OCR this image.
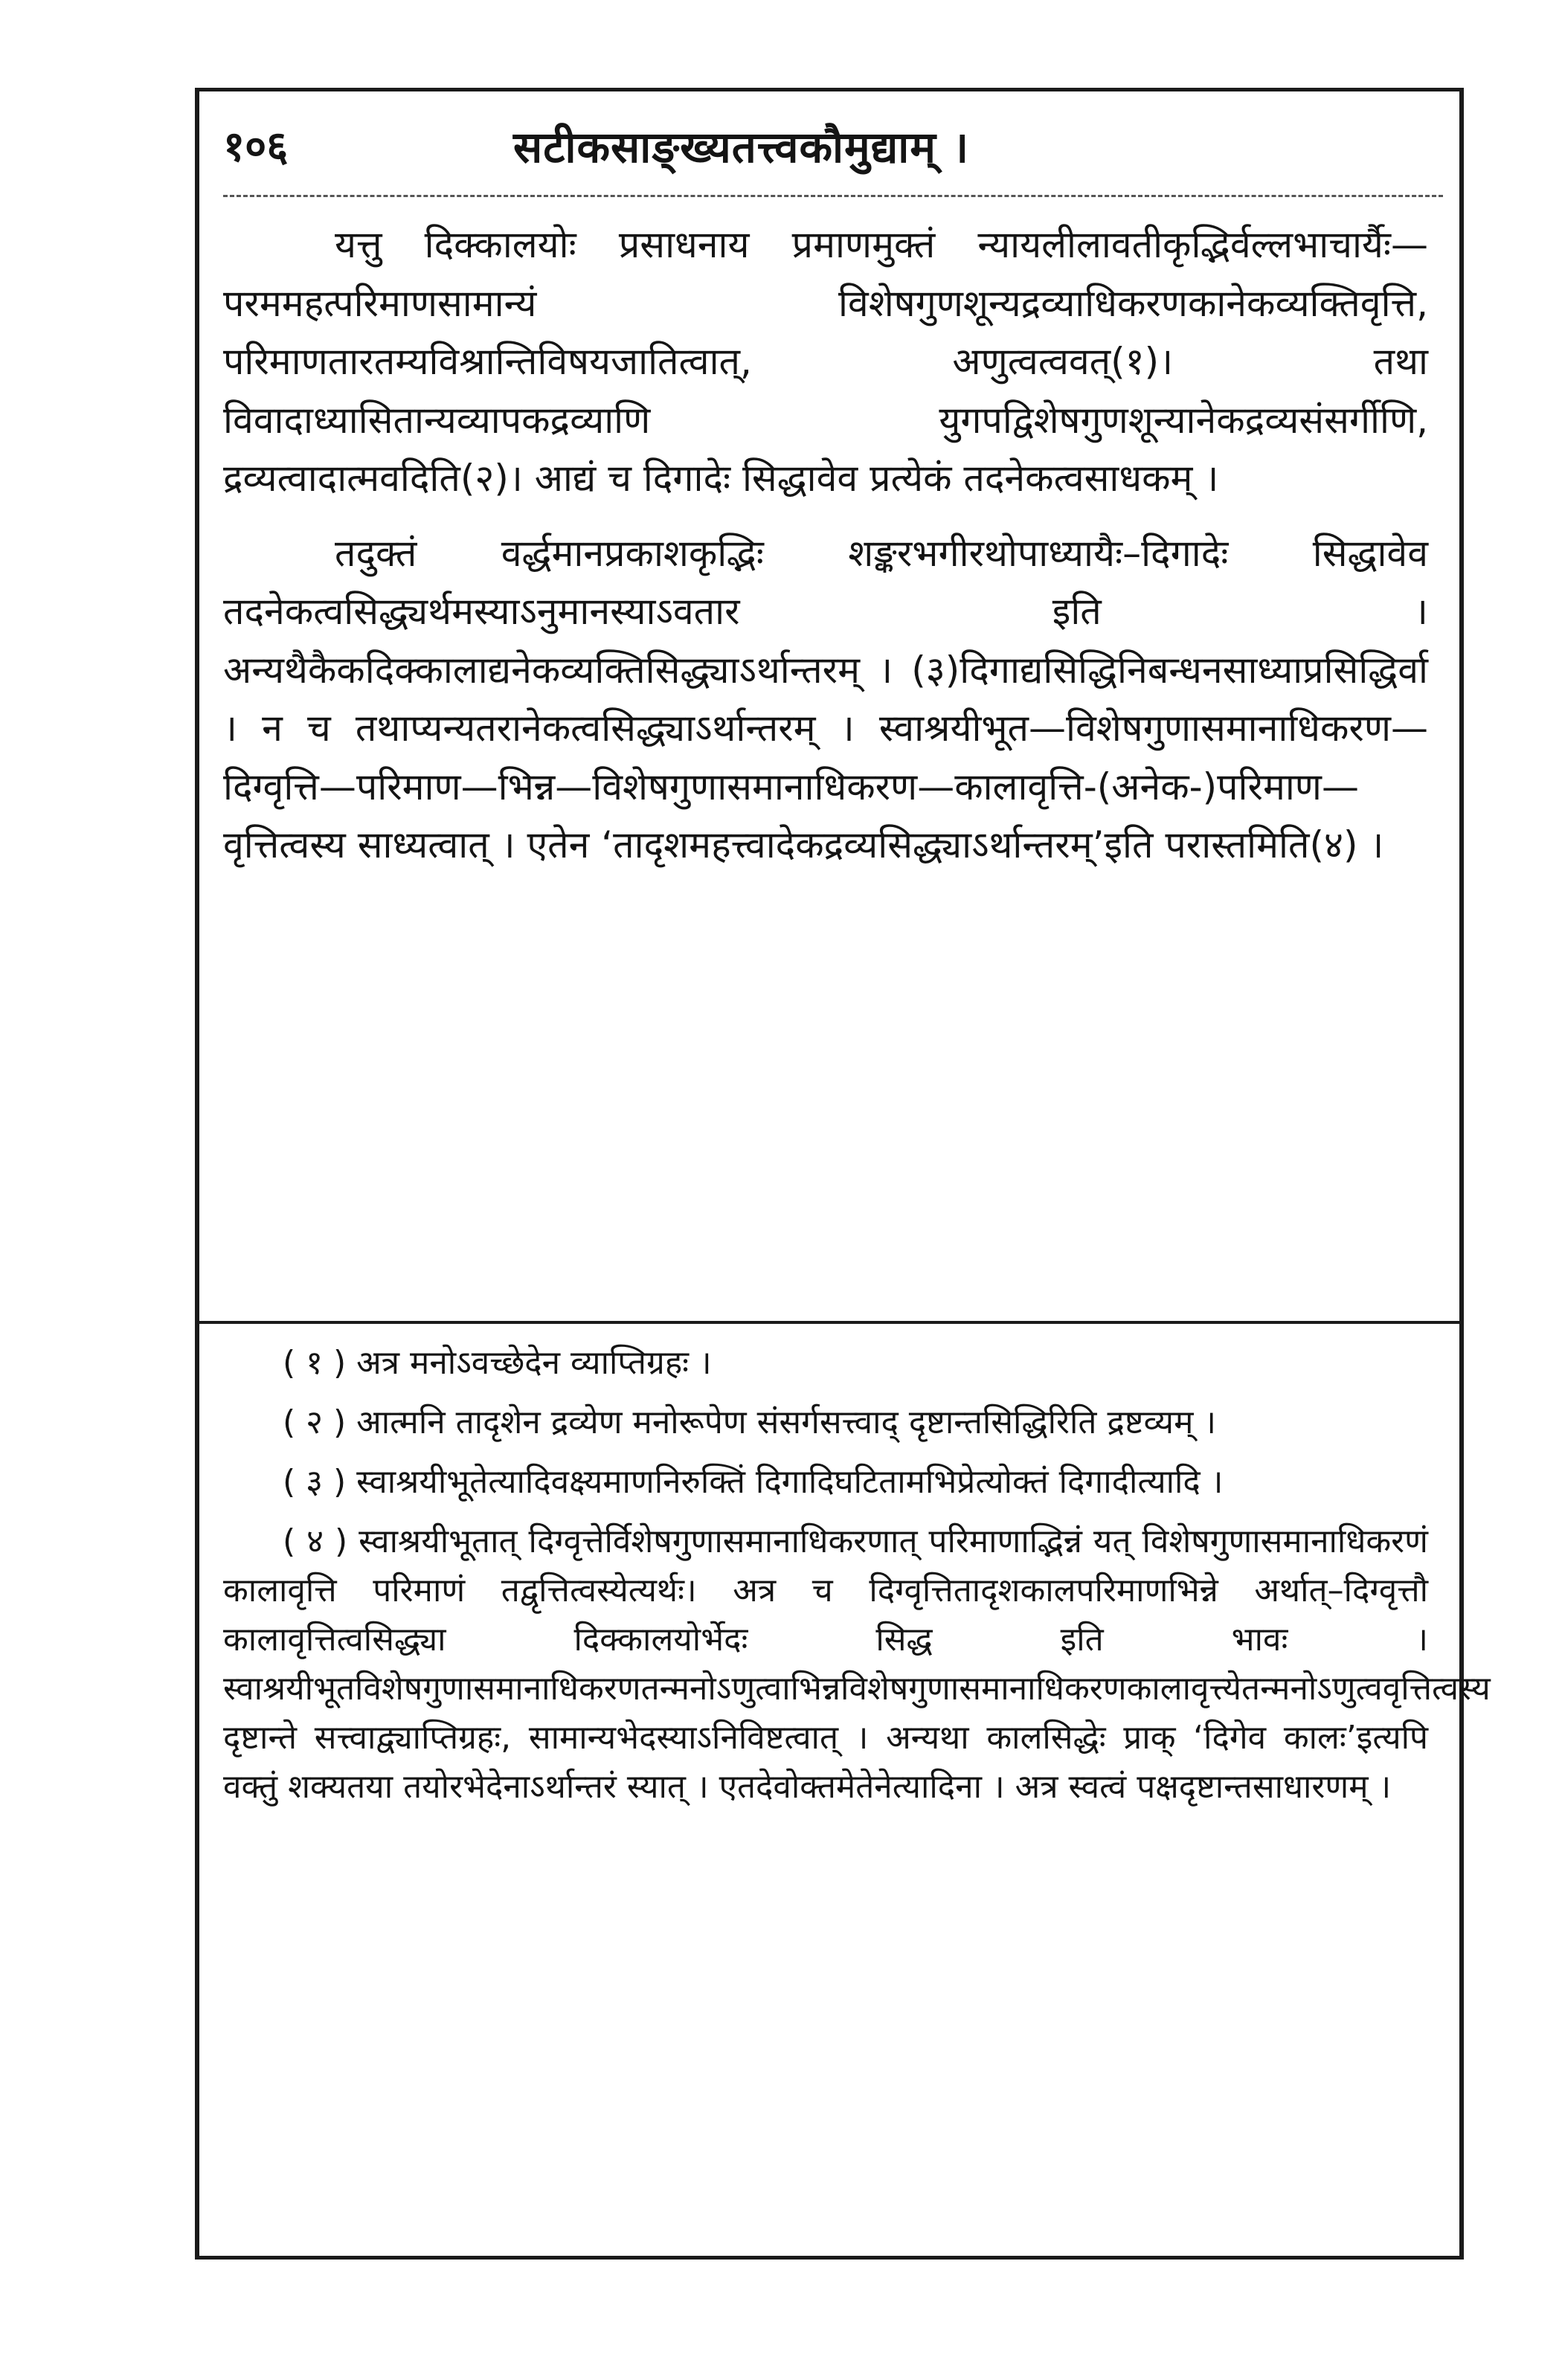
१०६	सटीकसाङ्ख्यतत्त्वकौमुद्याम् ।

यत्तु दिक्कालयोः प्रसाधनाय प्रमाणमुक्तं न्यायलीलावतीकृद्भिर्वल्लभाचार्यैः—परममहत्परिमाणसामान्यं विशेषगुणशून्यद्रव्याधिकरणकानेकव्यक्तिवृत्ति, परिमाणतारतम्यविश्रान्तिविषयजातित्वात्, अणुत्वत्ववत्(१)। तथा विवादाध्यासितान्यव्यापकद्रव्याणि युगपद्विशेषगुणशून्यानेकद्रव्यसंसर्गीणि, द्रव्यत्वादात्मवदिति(२)। आद्यं च दिगादेः सिद्धावेव प्रत्येकं तदनेकत्वसाधकम् ।

तदुक्तं वर्द्धमानप्रकाशकृद्भिः शङ्करभगीरथोपाध्यायैः–दिगादेः सिद्धावेव तदनेकत्वसिद्ध्यर्थमस्याऽनुमानस्याऽवतार इति । अन्यथैकैकदिक्कालाद्यनेकव्यक्तिसिद्ध्याऽर्थान्तरम् । (३)दिगाद्यसिद्धिनिबन्धनसाध्याप्रसिद्धिर्वा । न च तथाप्यन्यतरानेकत्वसिद्ध्याऽर्थान्तरम् । स्वाश्रयीभूत—विशेषगुणासमानाधिकरण—दिग्वृत्ति—परिमाण—भिन्न—विशेषगुणासमानाधिकरण—कालावृत्ति-(अनेक-)परिमाण—वृत्तित्वस्य साध्यत्वात् । एतेन ‘तादृशमहत्त्वादेकद्रव्यसिद्ध्याऽर्थान्तरम्’इति परास्तमिति(४) ।

( १ ) अत्र मनोऽवच्छेदेन व्याप्तिग्रहः ।

( २ ) आत्मनि तादृशेन द्रव्येण मनोरूपेण संसर्गसत्त्वाद् दृष्टान्तसिद्धिरिति द्रष्टव्यम् ।

( ३ ) स्वाश्रयीभूतेत्यादिवक्ष्यमाणनिरुक्तिं दिगादिघटितामभिप्रेत्योक्तं दिगादीत्यादि ।

( ४ ) स्वाश्रयीभूतात् दिग्वृत्तेर्विशेषगुणासमानाधिकरणात् परिमाणाद्भिन्नं यत् विशेषगुणासमानाधिकरणं कालावृत्ति परिमाणं तद्वृत्तित्वस्येत्यर्थः। अत्र च दिग्वृत्तितादृशकालपरिमाणभिन्ने अर्थात्–दिग्वृत्तौ कालावृत्तित्वसिद्ध्या दिक्कालयोर्भेदः सिद्ध इति भावः । स्वाश्रयीभूतविशेषगुणासमानाधिकरणतन्मनोऽणुत्वाभिन्नविशेषगुणासमानाधिकरणकालावृत्त्येतन्मनोऽणुत्ववृत्तित्वस्य दृष्टान्ते सत्त्वाद्व्याप्तिग्रहः, सामान्यभेदस्याऽनिविष्टत्वात् । अन्यथा कालसिद्धेः प्राक् ‘दिगेव कालः’इत्यपि वक्तुं शक्यतया तयोरभेदेनाऽर्थान्तरं स्यात् । एतदेवोक्तमेतेनेत्यादिना । अत्र स्वत्वं पक्षदृष्टान्तसाधारणम् ।
